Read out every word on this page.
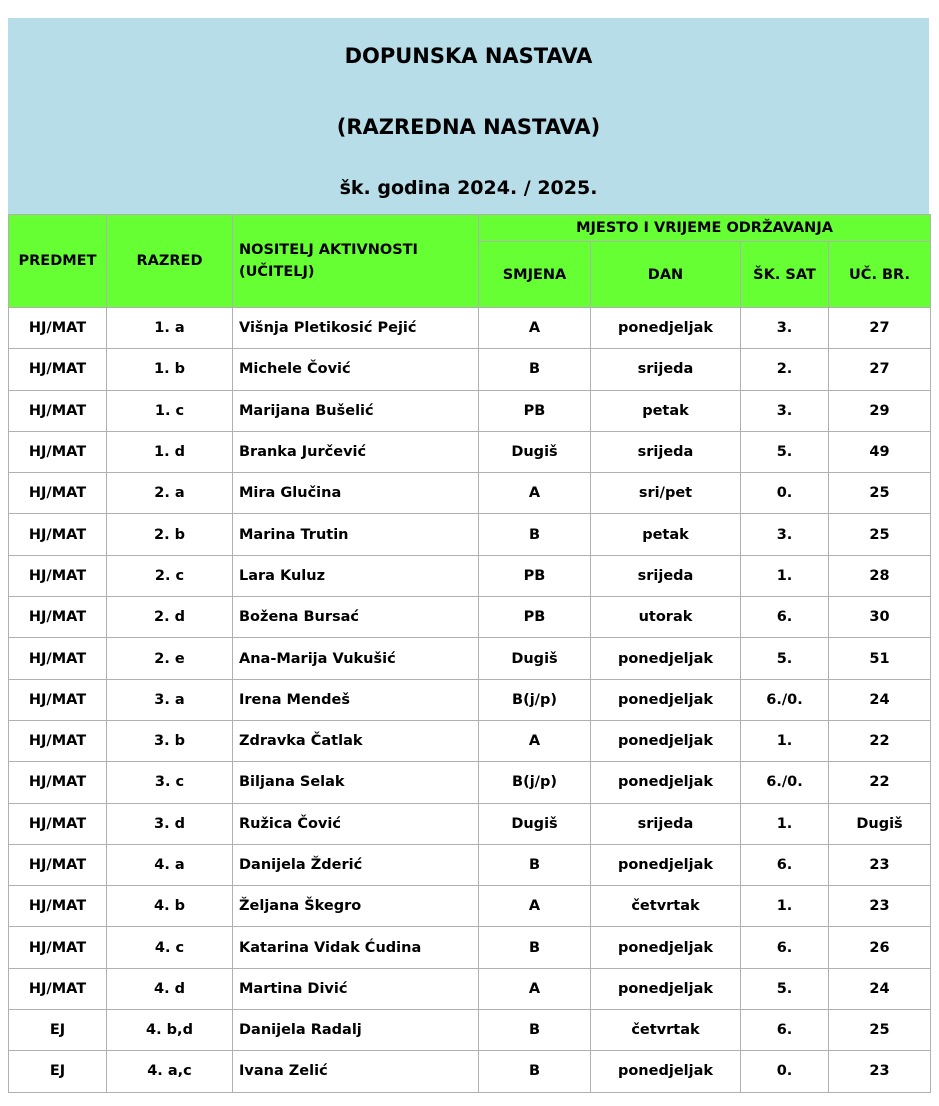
DOPUNSKA NASTAVA
(RAZREDNA NASTAVA)
šk. godina 2024. / 2025.
PREDMET	RAZRED	NOSITELJ AKTIVNOSTI (UČITELJ)	MJESTO I VRIJEME ODRŽAVANJA			
			SMJENA	DAN	ŠK. SAT	UČ. BR.
HJ/MAT	1. a	Višnja Pletikosić Pejić	A	ponedjeljak	3.	27
HJ/MAT	1. b	Michele Čović	B	srijeda	2.	27
HJ/MAT	1. c	Marijana Bušelić	PB	petak	3.	29
HJ/MAT	1. d	Branka Jurčević	Dugiš	srijeda	5.	49
HJ/MAT	2. a	Mira Glučina	A	sri/pet	0.	25
HJ/MAT	2. b	Marina Trutin	B	petak	3.	25
HJ/MAT	2. c	Lara Kuluz	PB	srijeda	1.	28
HJ/MAT	2. d	Božena Bursać	PB	utorak	6.	30
HJ/MAT	2. e	Ana-Marija Vukušić	Dugiš	ponedjeljak	5.	51
HJ/MAT	3. a	Irena Mendeš	B(j/p)	ponedjeljak	6./0.	24
HJ/MAT	3. b	Zdravka Čatlak	A	ponedjeljak	1.	22
HJ/MAT	3. c	Biljana Selak	B(j/p)	ponedjeljak	6./0.	22
HJ/MAT	3. d	Ružica Čović	Dugiš	srijeda	1.	Dugiš
HJ/MAT	4. a	Danijela Žderić	B	ponedjeljak	6.	23
HJ/MAT	4. b	Željana Škegro	A	četvrtak	1.	23
HJ/MAT	4. c	Katarina Vidak Ćudina	B	ponedjeljak	6.	26
HJ/MAT	4. d	Martina Divić	A	ponedjeljak	5.	24
EJ	4. b,d	Danijela Radalj	B	četvrtak	6.	25
EJ	4. a,c	Ivana Zelić	B	ponedjeljak	0.	23
